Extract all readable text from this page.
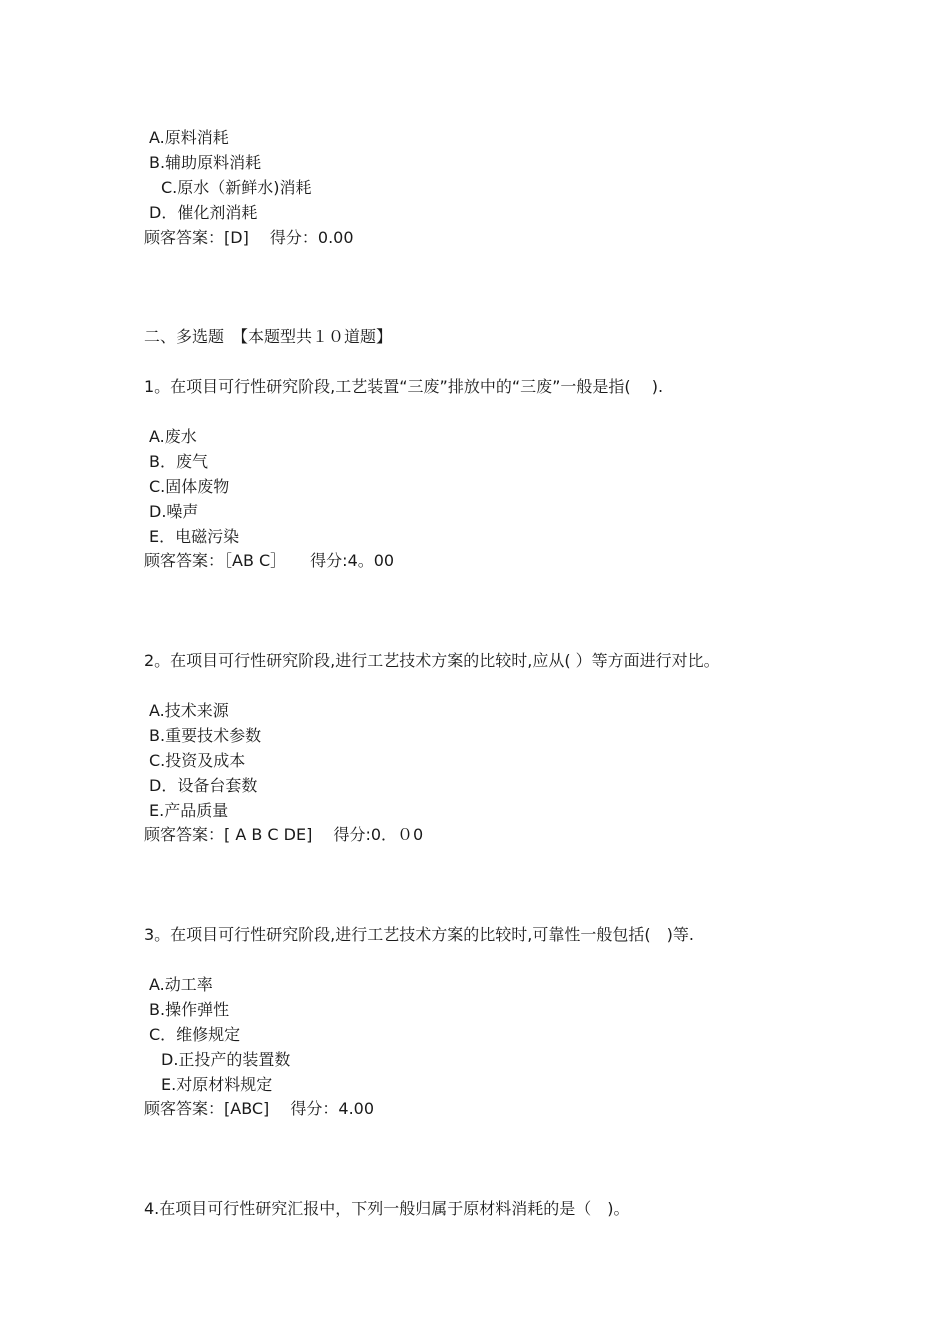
A.原料消耗
B.辅助原料消耗
C.原水（新鲜水)消耗
D．催化剂消耗
顾客答案：[D]　 得分：0.00
二、多选题　【本题型共１０道题】
1。在项目可行性研究阶段,工艺装置“三废”排放中的“三废”一般是指(　 ).
A.废水
B．废气
C.固体废物
D.噪声
E．电磁污染
顾客答案：［AB C］　　得分:4。00
2。在项目可行性研究阶段,进行工艺技术方案的比较时,应从( ）等方面进行对比。
A.技术来源
B.重要技术参数
C.投资及成本
D．设备台套数
E.产品质量
顾客答案：[ A B C DE]　 得分:0．０0
3。在项目可行性研究阶段,进行工艺技术方案的比较时,可靠性一般包括(　)等.
A.动工率
B.操作弹性
C．维修规定
D.正投产的装置数
E.对原材料规定
顾客答案：[ABC]　 得分：4.00
4.在项目可行性研究汇报中，下列一般归属于原材料消耗的是（　)。
